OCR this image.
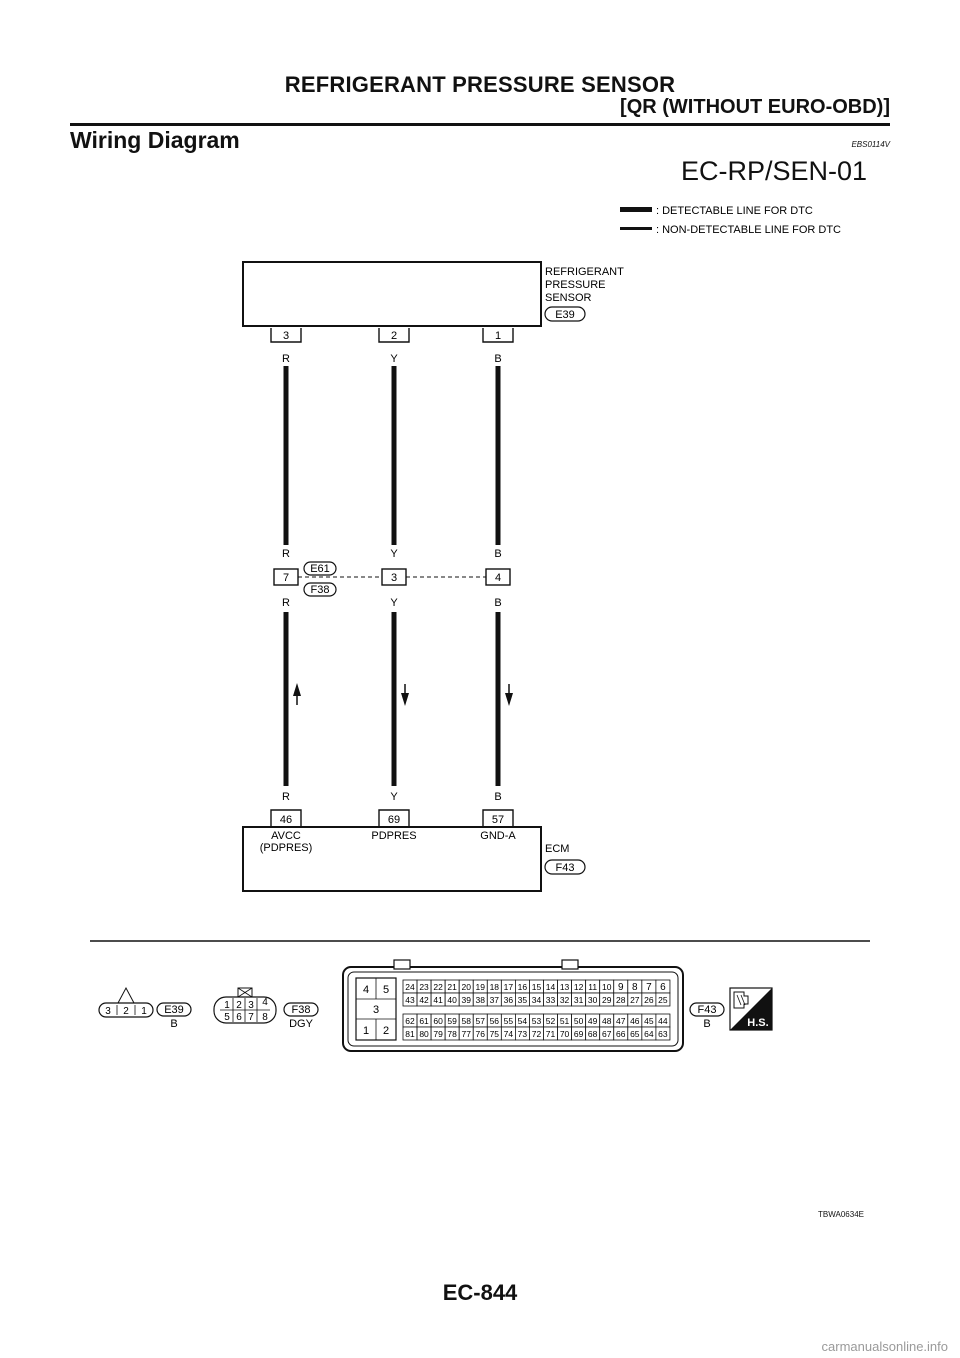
REFRIGERANT PRESSURE SENSOR
[QR (WITHOUT EURO-OBD)]
Wiring Diagram	EBS0114V
EC-RP/SEN-01
: DETECTABLE LINE FOR DTC
: NON-DETECTABLE LINE FOR DTC
REFRIGERANT
PRESSURE
SENSOR
E39
3	2	1
R	Y	B
R	Y	B
7	3	4
E61
F38
R	Y	B
R	Y	B
46	69	57
AVCC
(PDPRES)
PDPRES	GND-A
ECM
F43
3 2 1 E39
B
1 2 3 4
5 6 7 8
F38
DGY
4 5
3
1 2
24 23 22 21 20 19 18 17 16 15 14 13 12 11 10 9 8 7 6
43 42 41 40 39 38 37 36 35 34 33 32 31 30 29 28 27 26 25
62 61 60 59 58 57 56 55 54 53 52 51 50 49 48 47 46 45 44
81 80 79 78 77 76 75 74 73 72 71 70 69 68 67 66 65 64 63
F43
B	H.S.
TBWA0634E
EC-844
carmanualsonline.info
